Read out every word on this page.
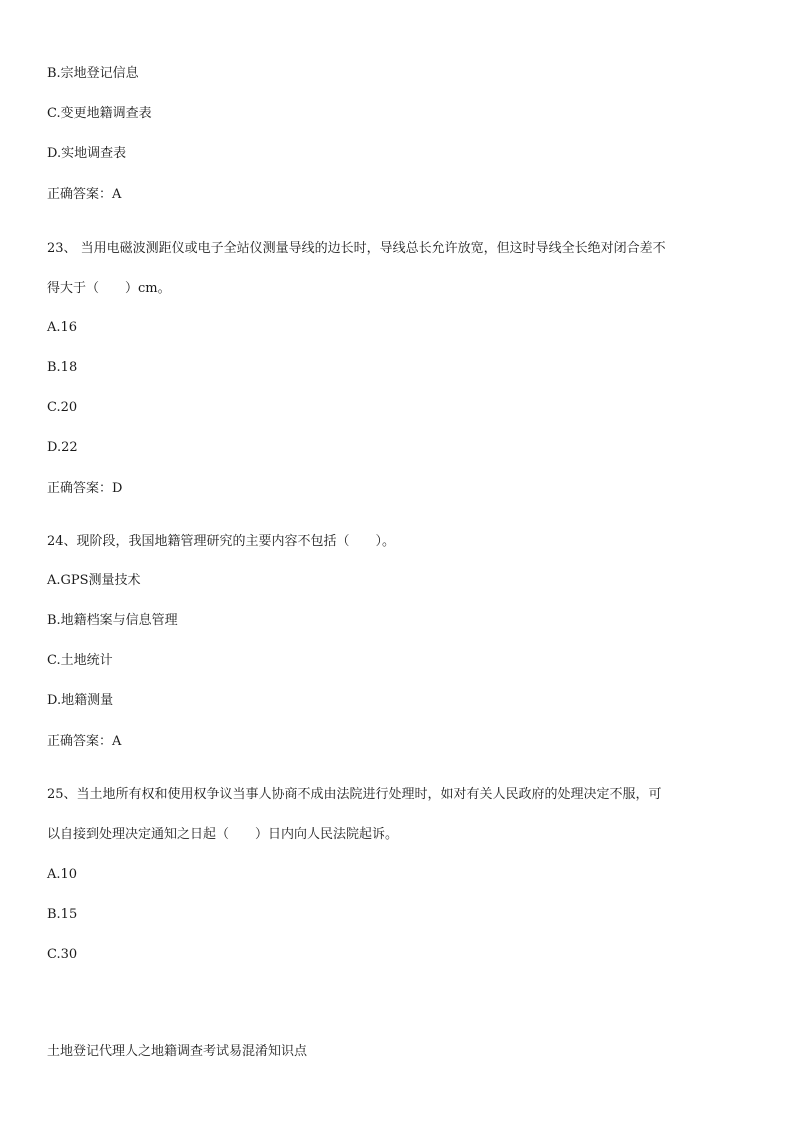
B.宗地登记信息
C.变更地籍调查表
D.实地调查表
正确答案：A
23、 当用电磁波测距仪或电子全站仪测量导线的边长时，导线总长允许放宽，但这时导线全长绝对闭合差不
得大于（　　）cm。
A.16
B.18
C.20
D.22
正确答案：D
24、现阶段，我国地籍管理研究的主要内容不包括（　　）。
A.GPS测量技术
B.地籍档案与信息管理
C.土地统计
D.地籍测量
正确答案：A
25、当土地所有权和使用权争议当事人协商不成由法院进行处理时，如对有关人民政府的处理决定不服，可
以自接到处理决定通知之日起（　　）日内向人民法院起诉。
A.10
B.15
C.30
土地登记代理人之地籍调查考试易混淆知识点
